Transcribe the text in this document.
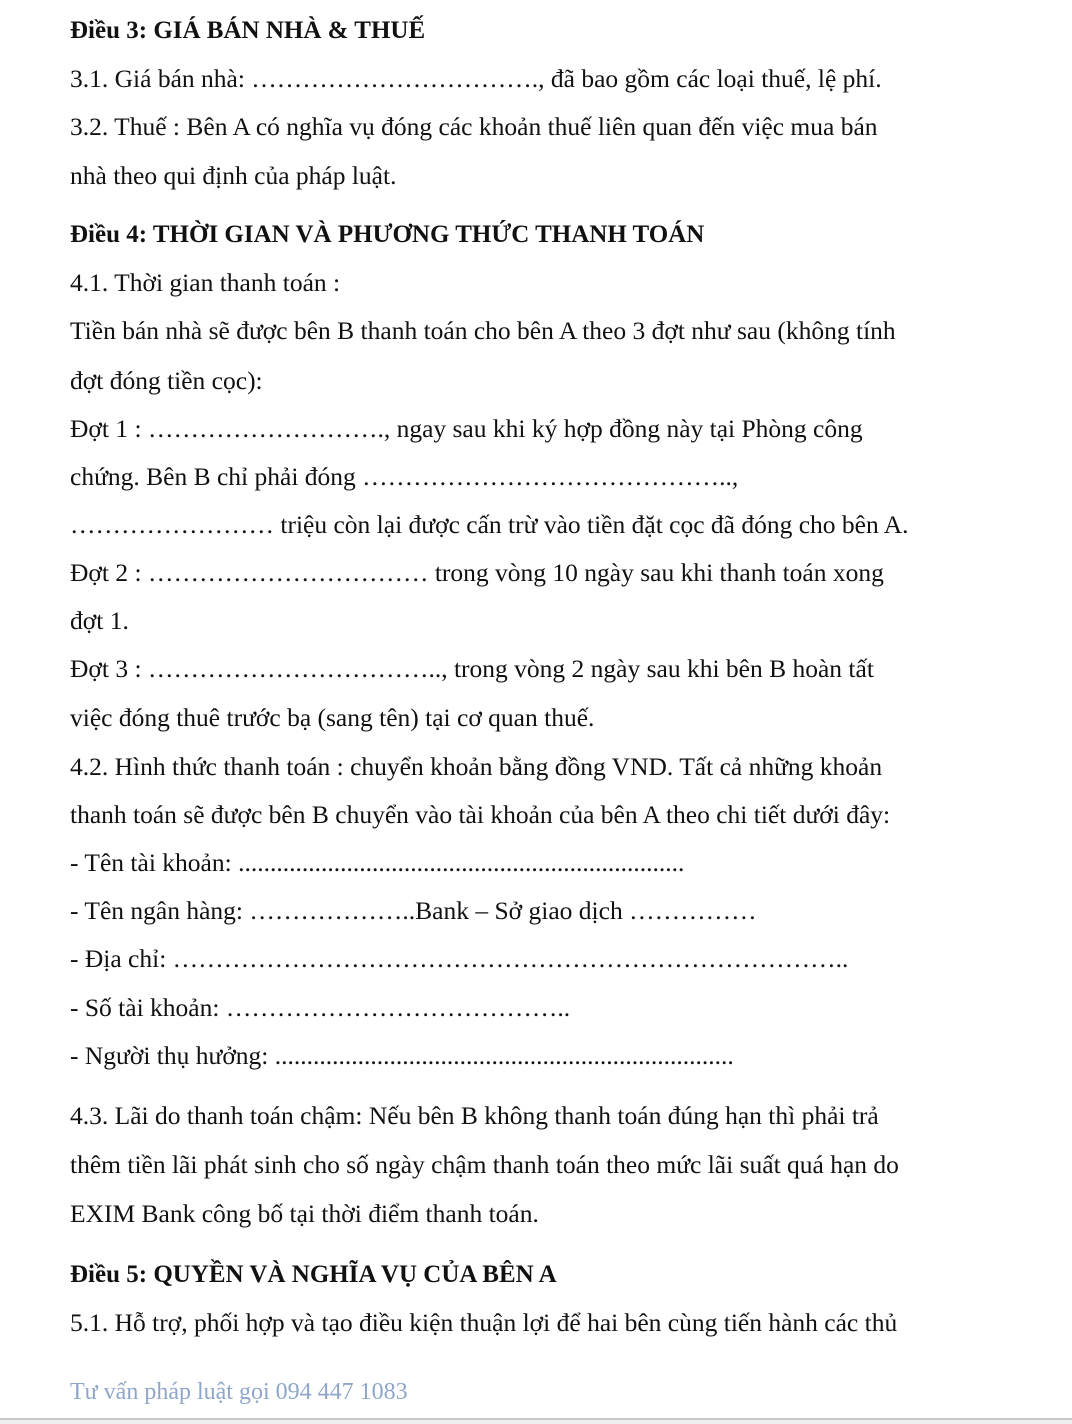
Điều 3: GIÁ BÁN NHÀ & THUẾ
3.1. Giá bán nhà: ……………………………., đã bao gồm các loại thuế, lệ phí.
3.2. Thuế : Bên A có nghĩa vụ đóng các khoản thuế liên quan đến việc mua bán
nhà theo qui định của pháp luật.
Điều 4: THỜI GIAN VÀ PHƯƠNG THỨC THANH TOÁN
4.1. Thời gian thanh toán :
Tiền bán nhà sẽ được bên B thanh toán cho bên A theo 3 đợt như sau (không tính
đợt đóng tiền cọc):
Đợt 1 : ………………………., ngay sau khi ký hợp đồng này tại Phòng công
chứng. Bên B chỉ phải đóng ……………………………………..,
…………………… triệu còn lại được cấn trừ vào tiền đặt cọc đã đóng cho bên A.
Đợt 2 : …………………………… trong vòng 10 ngày sau khi thanh toán xong
đợt 1.
Đợt 3 : …………………………….., trong vòng 2 ngày sau khi bên B hoàn tất
việc đóng thuê trước bạ (sang tên) tại cơ quan thuế.
4.2. Hình thức thanh toán : chuyển khoản bằng đồng VND. Tất cả những khoản
thanh toán sẽ được bên B chuyển vào tài khoản của bên A theo chi tiết dưới đây:
- Tên tài khoản: ......................................................................
- Tên ngân hàng: ………………..Bank – Sở giao dịch ……………
- Địa chỉ: ……………………………………………………………………..
- Số tài khoản: …………………………………..
- Người thụ hưởng: ........................................................................
4.3. Lãi do thanh toán chậm: Nếu bên B không thanh toán đúng hạn thì phải trả
thêm tiền lãi phát sinh cho số ngày chậm thanh toán theo mức lãi suất quá hạn do
EXIM Bank công bố tại thời điểm thanh toán.
Điều 5: QUYỀN VÀ NGHĨA VỤ CỦA BÊN A
5.1. Hỗ trợ, phối hợp và tạo điều kiện thuận lợi để hai bên cùng tiến hành các thủ
Tư vấn pháp luật gọi 094 447 1083
